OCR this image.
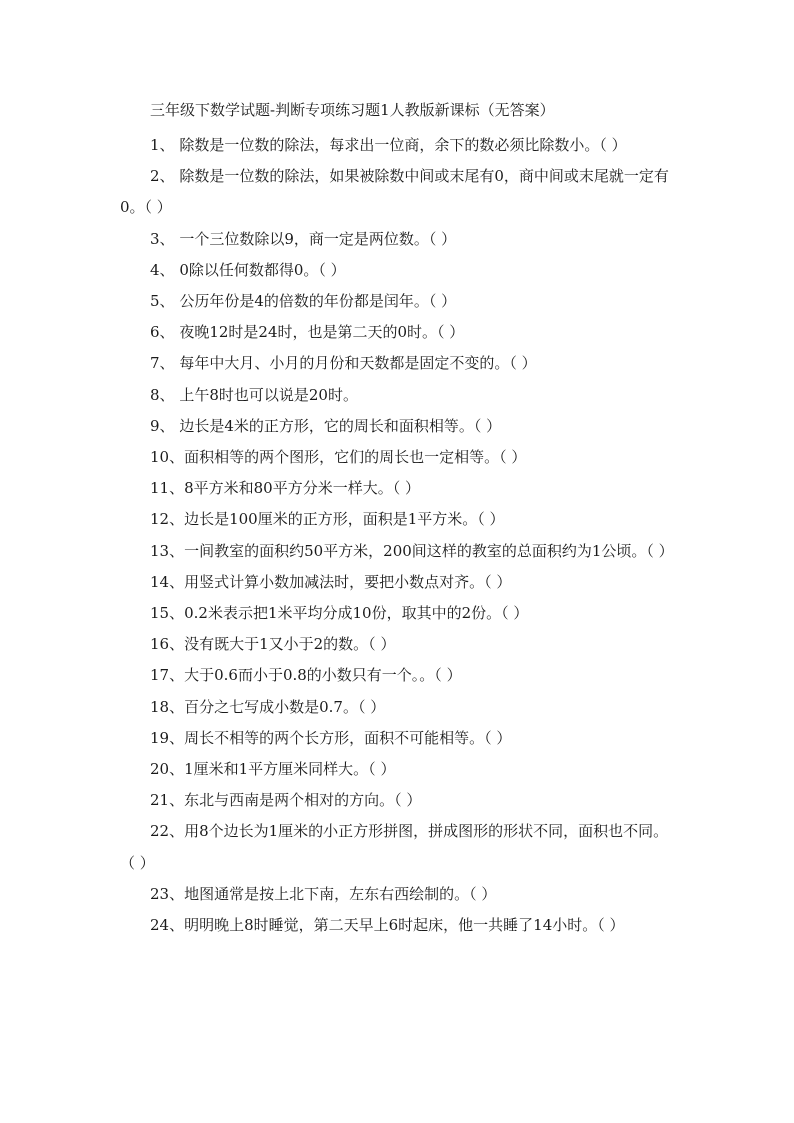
三年级下数学试题-判断专项练习题1人教版新课标（无答案）
1、 除数是一位数的除法，每求出一位商，余下的数必须比除数小。（ ）
2、 除数是一位数的除法，如果被除数中间或末尾有0，商中间或末尾就一定有0。（ ）
3、 一个三位数除以9，商一定是两位数。（ ）
4、 0除以任何数都得0。（ ）
5、 公历年份是4的倍数的年份都是闰年。（ ）
6、 夜晚12时是24时，也是第二天的0时。（ ）
7、 每年中大月、小月的月份和天数都是固定不变的。（ ）
8、 上午8时也可以说是20时。
9、 边长是4米的正方形，它的周长和面积相等。（ ）
10、面积相等的两个图形，它们的周长也一定相等。（ ）
11、8平方米和80平方分米一样大。（ ）
12、边长是100厘米的正方形，面积是1平方米。（ ）
13、一间教室的面积约50平方米，200间这样的教室的总面积约为1公顷。（ ）
14、用竖式计算小数加减法时，要把小数点对齐。（ ）
15、0.2米表示把1米平均分成10份，取其中的2份。（ ）
16、没有既大于1又小于2的数。（ ）
17、大于0.6而小于0.8的小数只有一个。。（ ）
18、百分之七写成小数是0.7。（ ）
19、周长不相等的两个长方形，面积不可能相等。（ ）
20、1厘米和1平方厘米同样大。（ ）
21、东北与西南是两个相对的方向。（ ）
22、用8个边长为1厘米的小正方形拼图，拼成图形的形状不同，面积也不同。 （ ）
23、地图通常是按上北下南，左东右西绘制的。（ ）
24、明明晚上8时睡觉，第二天早上6时起床，他一共睡了14小时。（ ）
